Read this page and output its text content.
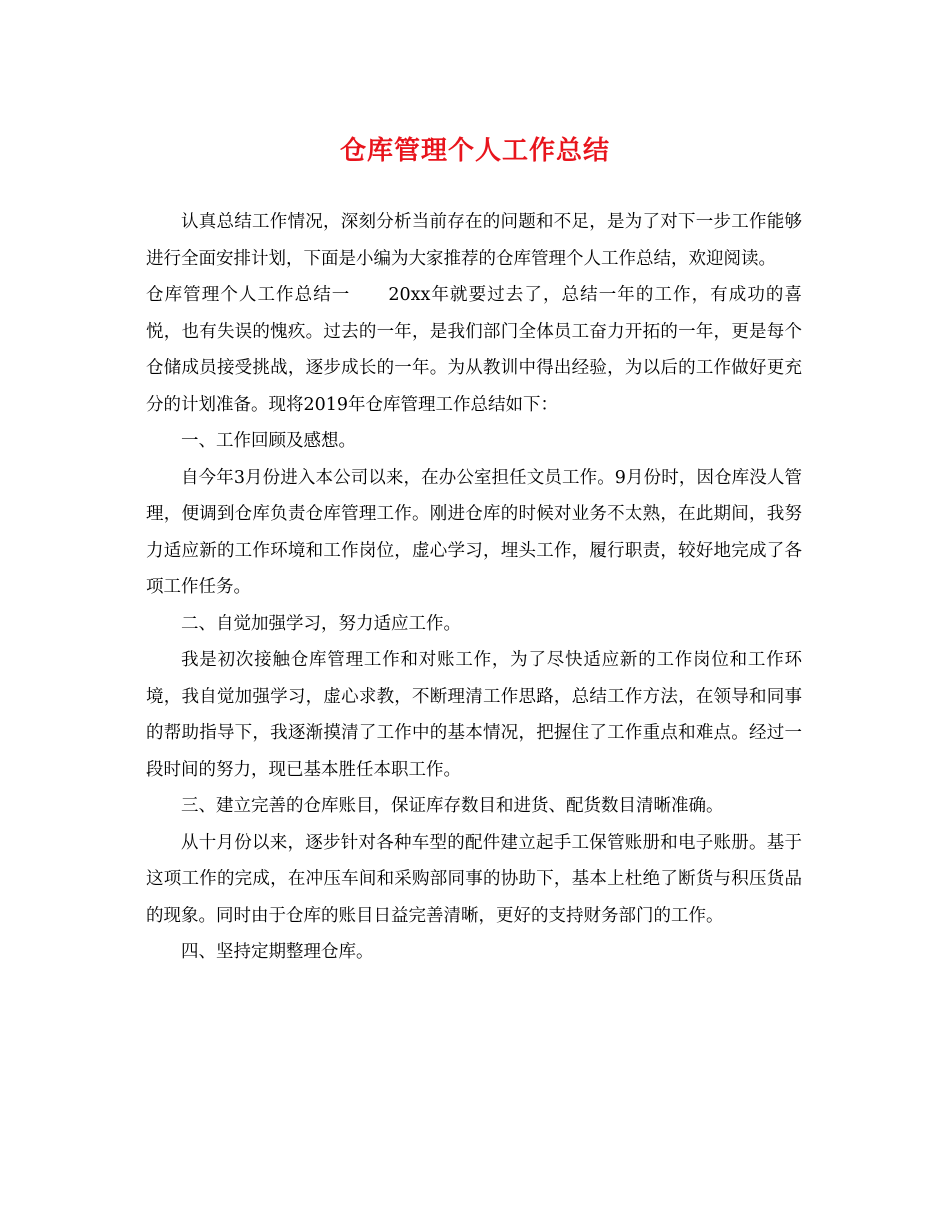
仓库管理个人工作总结

认真总结工作情况，深刻分析当前存在的问题和不足，是为了对下一步工作能够进行全面安排计划，下面是小编为大家推荐的仓库管理个人工作总结，欢迎阅读。

仓库管理个人工作总结一 20xx年就要过去了，总结一年的工作，有成功的喜悦，也有失误的愧疚。过去的一年，是我们部门全体员工奋力开拓的一年，更是每个仓储成员接受挑战，逐步成长的一年。为从教训中得出经验，为以后的工作做好更充分的计划准备。现将2019年仓库管理工作总结如下：

一、工作回顾及感想。

自今年3月份进入本公司以来，在办公室担任文员工作。9月份时，因仓库没人管理，便调到仓库负责仓库管理工作。刚进仓库的时候对业务不太熟，在此期间，我努力适应新的工作环境和工作岗位，虚心学习，埋头工作，履行职责，较好地完成了各项工作任务。

二、自觉加强学习，努力适应工作。

我是初次接触仓库管理工作和对账工作，为了尽快适应新的工作岗位和工作环境，我自觉加强学习，虚心求教，不断理清工作思路，总结工作方法，在领导和同事的帮助指导下，我逐渐摸清了工作中的基本情况，把握住了工作重点和难点。经过一段时间的努力，现已基本胜任本职工作。

三、建立完善的仓库账目，保证库存数目和进货、配货数目清晰准确。

从十月份以来，逐步针对各种车型的配件建立起手工保管账册和电子账册。基于这项工作的完成，在冲压车间和采购部同事的协助下，基本上杜绝了断货与积压货品的现象。同时由于仓库的账目日益完善清晰，更好的支持财务部门的工作。

四、坚持定期整理仓库。
